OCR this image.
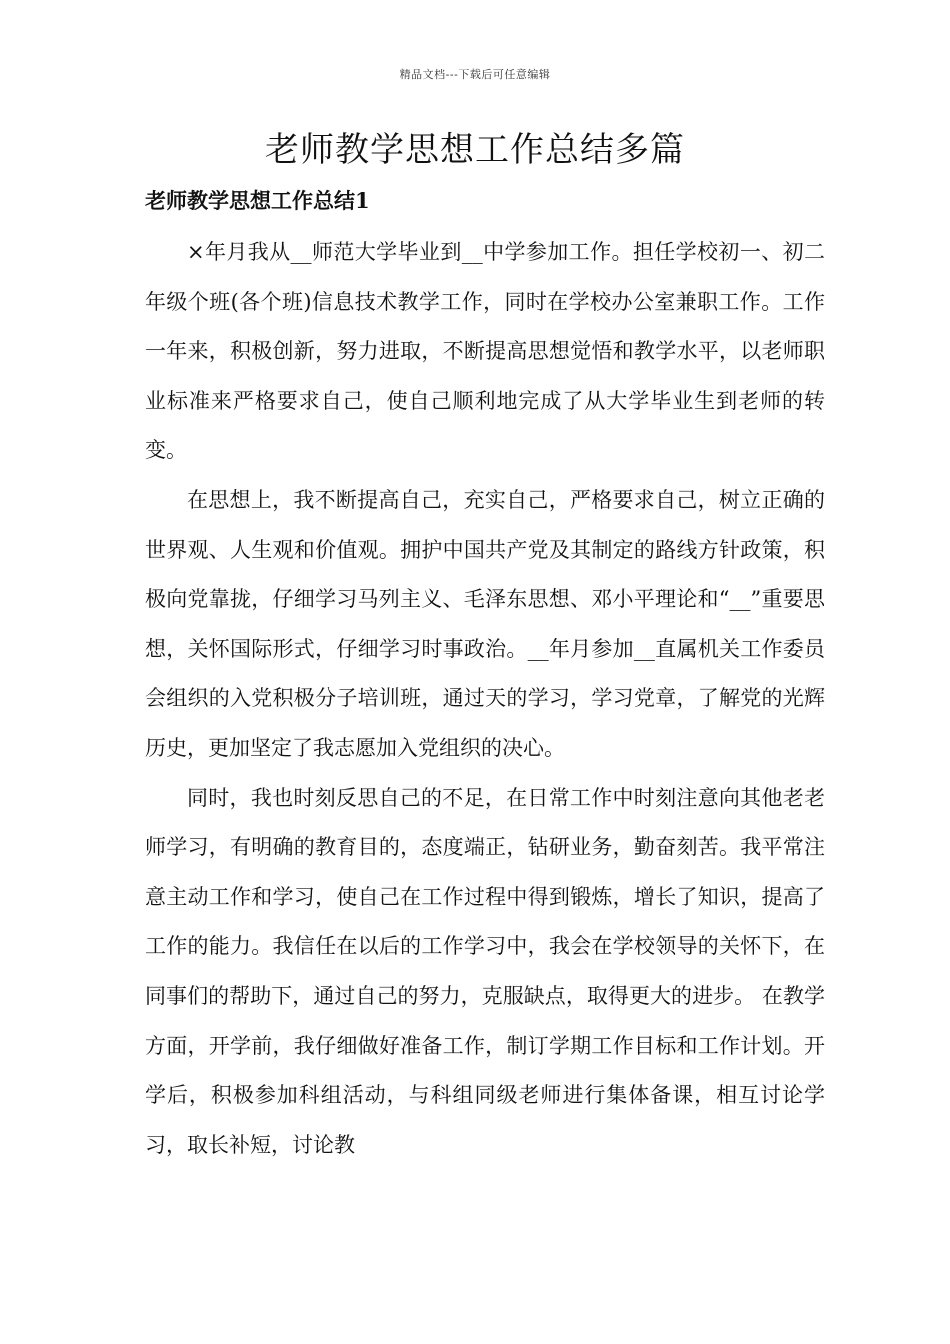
精品文档---下载后可任意编辑
老师教学思想工作总结多篇
老师教学思想工作总结1

×年月我从__师范大学毕业到__中学参加工作。担任学校初一、初二年级个班(各个班)信息技术教学工作，同时在学校办公室兼职工作。工作一年来，积极创新，努力进取，不断提高思想觉悟和教学水平，以老师职业标准来严格要求自己，使自己顺利地完成了从大学毕业生到老师的转变。

在思想上，我不断提高自己，充实自己，严格要求自己，树立正确的世界观、人生观和价值观。拥护中国共产党及其制定的路线方针政策，积极向党靠拢，仔细学习马列主义、毛泽东思想、邓小平理论和“__”重要思想，关怀国际形式，仔细学习时事政治。__年月参加__直属机关工作委员会组织的入党积极分子培训班，通过天的学习，学习党章，了解党的光辉历史，更加坚定了我志愿加入党组织的决心。

同时，我也时刻反思自己的不足，在日常工作中时刻注意向其他老老师学习，有明确的教育目的，态度端正，钻研业务，勤奋刻苦。我平常注意主动工作和学习，使自己在工作过程中得到锻炼，增长了知识，提高了工作的能力。我信任在以后的工作学习中，我会在学校领导的关怀下，在同事们的帮助下，通过自己的努力，克服缺点，取得更大的进步。 在教学方面，开学前，我仔细做好准备工作，制订学期工作目标和工作计划。开学后，积极参加科组活动，与科组同级老师进行集体备课，相互讨论学习，取长补短，讨论教
